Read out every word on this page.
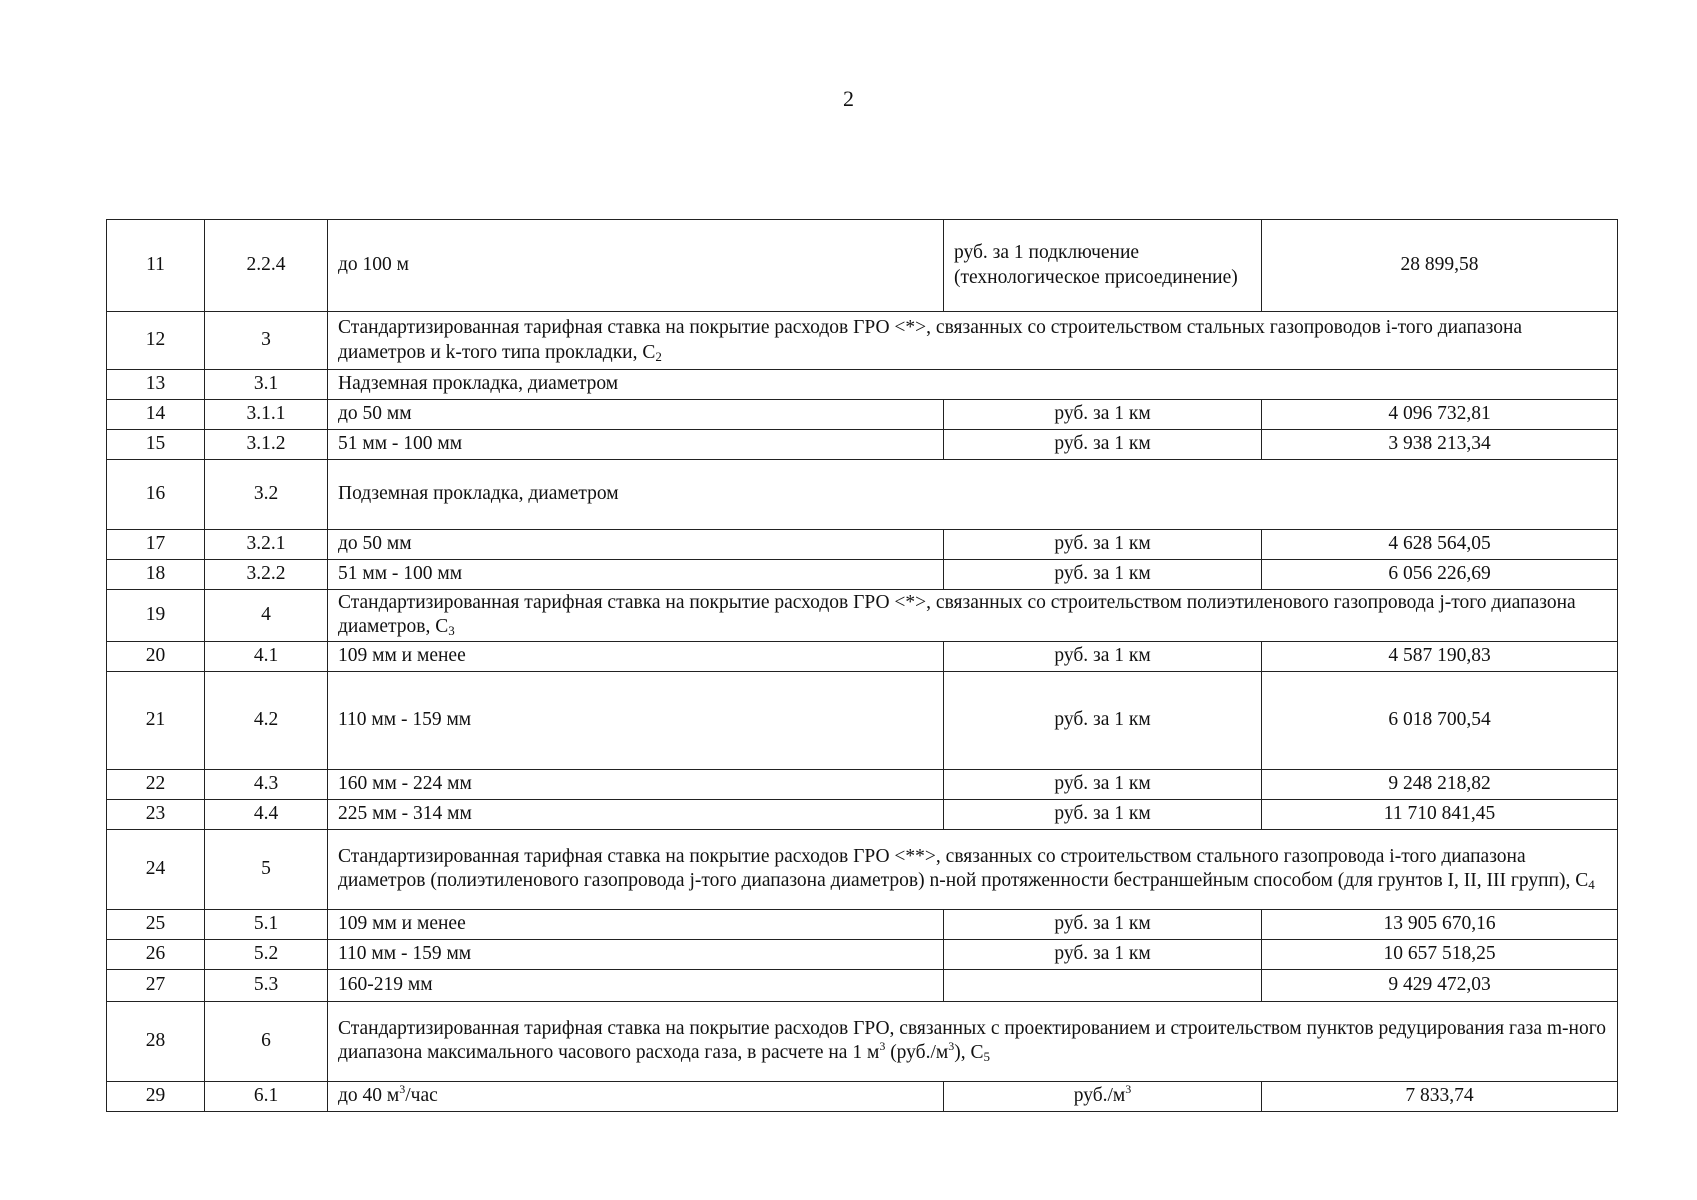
2
11	2.2.4	до 100 м	руб. за 1 подключение (технологическое присоединение)	28 899,58
12	3	Стандартизированная тарифная ставка на покрытие расходов ГРО <*>, связанных со строительством стальных газопроводов i-того диапазона диаметров и k-того типа прокладки, $С_2$
13	3.1	Надземная прокладка, диаметром		
14	3.1.1	до 50 мм	руб. за 1 км	4 096 732,81
15	3.1.2	51 мм - 100 мм	руб. за 1 км	3 938 213,34
16	3.2	Подземная прокладка, диаметром		
17	3.2.1	до 50 мм	руб. за 1 км	4 628 564,05
18	3.2.2	51 мм - 100 мм	руб. за 1 км	6 056 226,69
19	4	Стандартизированная тарифная ставка на покрытие расходов ГРО <*>, связанных со строительством полиэтиленового газопровода j-того диапазона диаметров, $С_3$
20	4.1	109 мм и менее	руб. за 1 км	4 587 190,83
21	4.2	110 мм - 159 мм	руб. за 1 км	6 018 700,54
22	4.3	160 мм - 224 мм	руб. за 1 км	9 248 218,82
23	4.4	225 мм - 314 мм	руб. за 1 км	11 710 841,45
24	5	Стандартизированная тарифная ставка на покрытие расходов ГРО <**>, связанных со строительством стального газопровода i-того диапазона диаметров (полиэтиленового газопровода j-того диапазона диаметров) n-ной протяженности бестраншейным способом (для грунтов I, II, III групп), $С_4$
25	5.1	109 мм и менее	руб. за 1 км	13 905 670,16
26	5.2	110 мм - 159 мм	руб. за 1 км	10 657 518,25
27	5.3	160-219 мм		9 429 472,03
28	6	Стандартизированная тарифная ставка на покрытие расходов ГРО, связанных с проектированием и строительством пунктов редуцирования газа m-ного диапазона максимального часового расхода газа, в расчете на 1 $м^3$ $(руб./м^3)$, $С_5$
29	6.1	до 40 $м^3$/час	$руб./м^3$	7 833,74
